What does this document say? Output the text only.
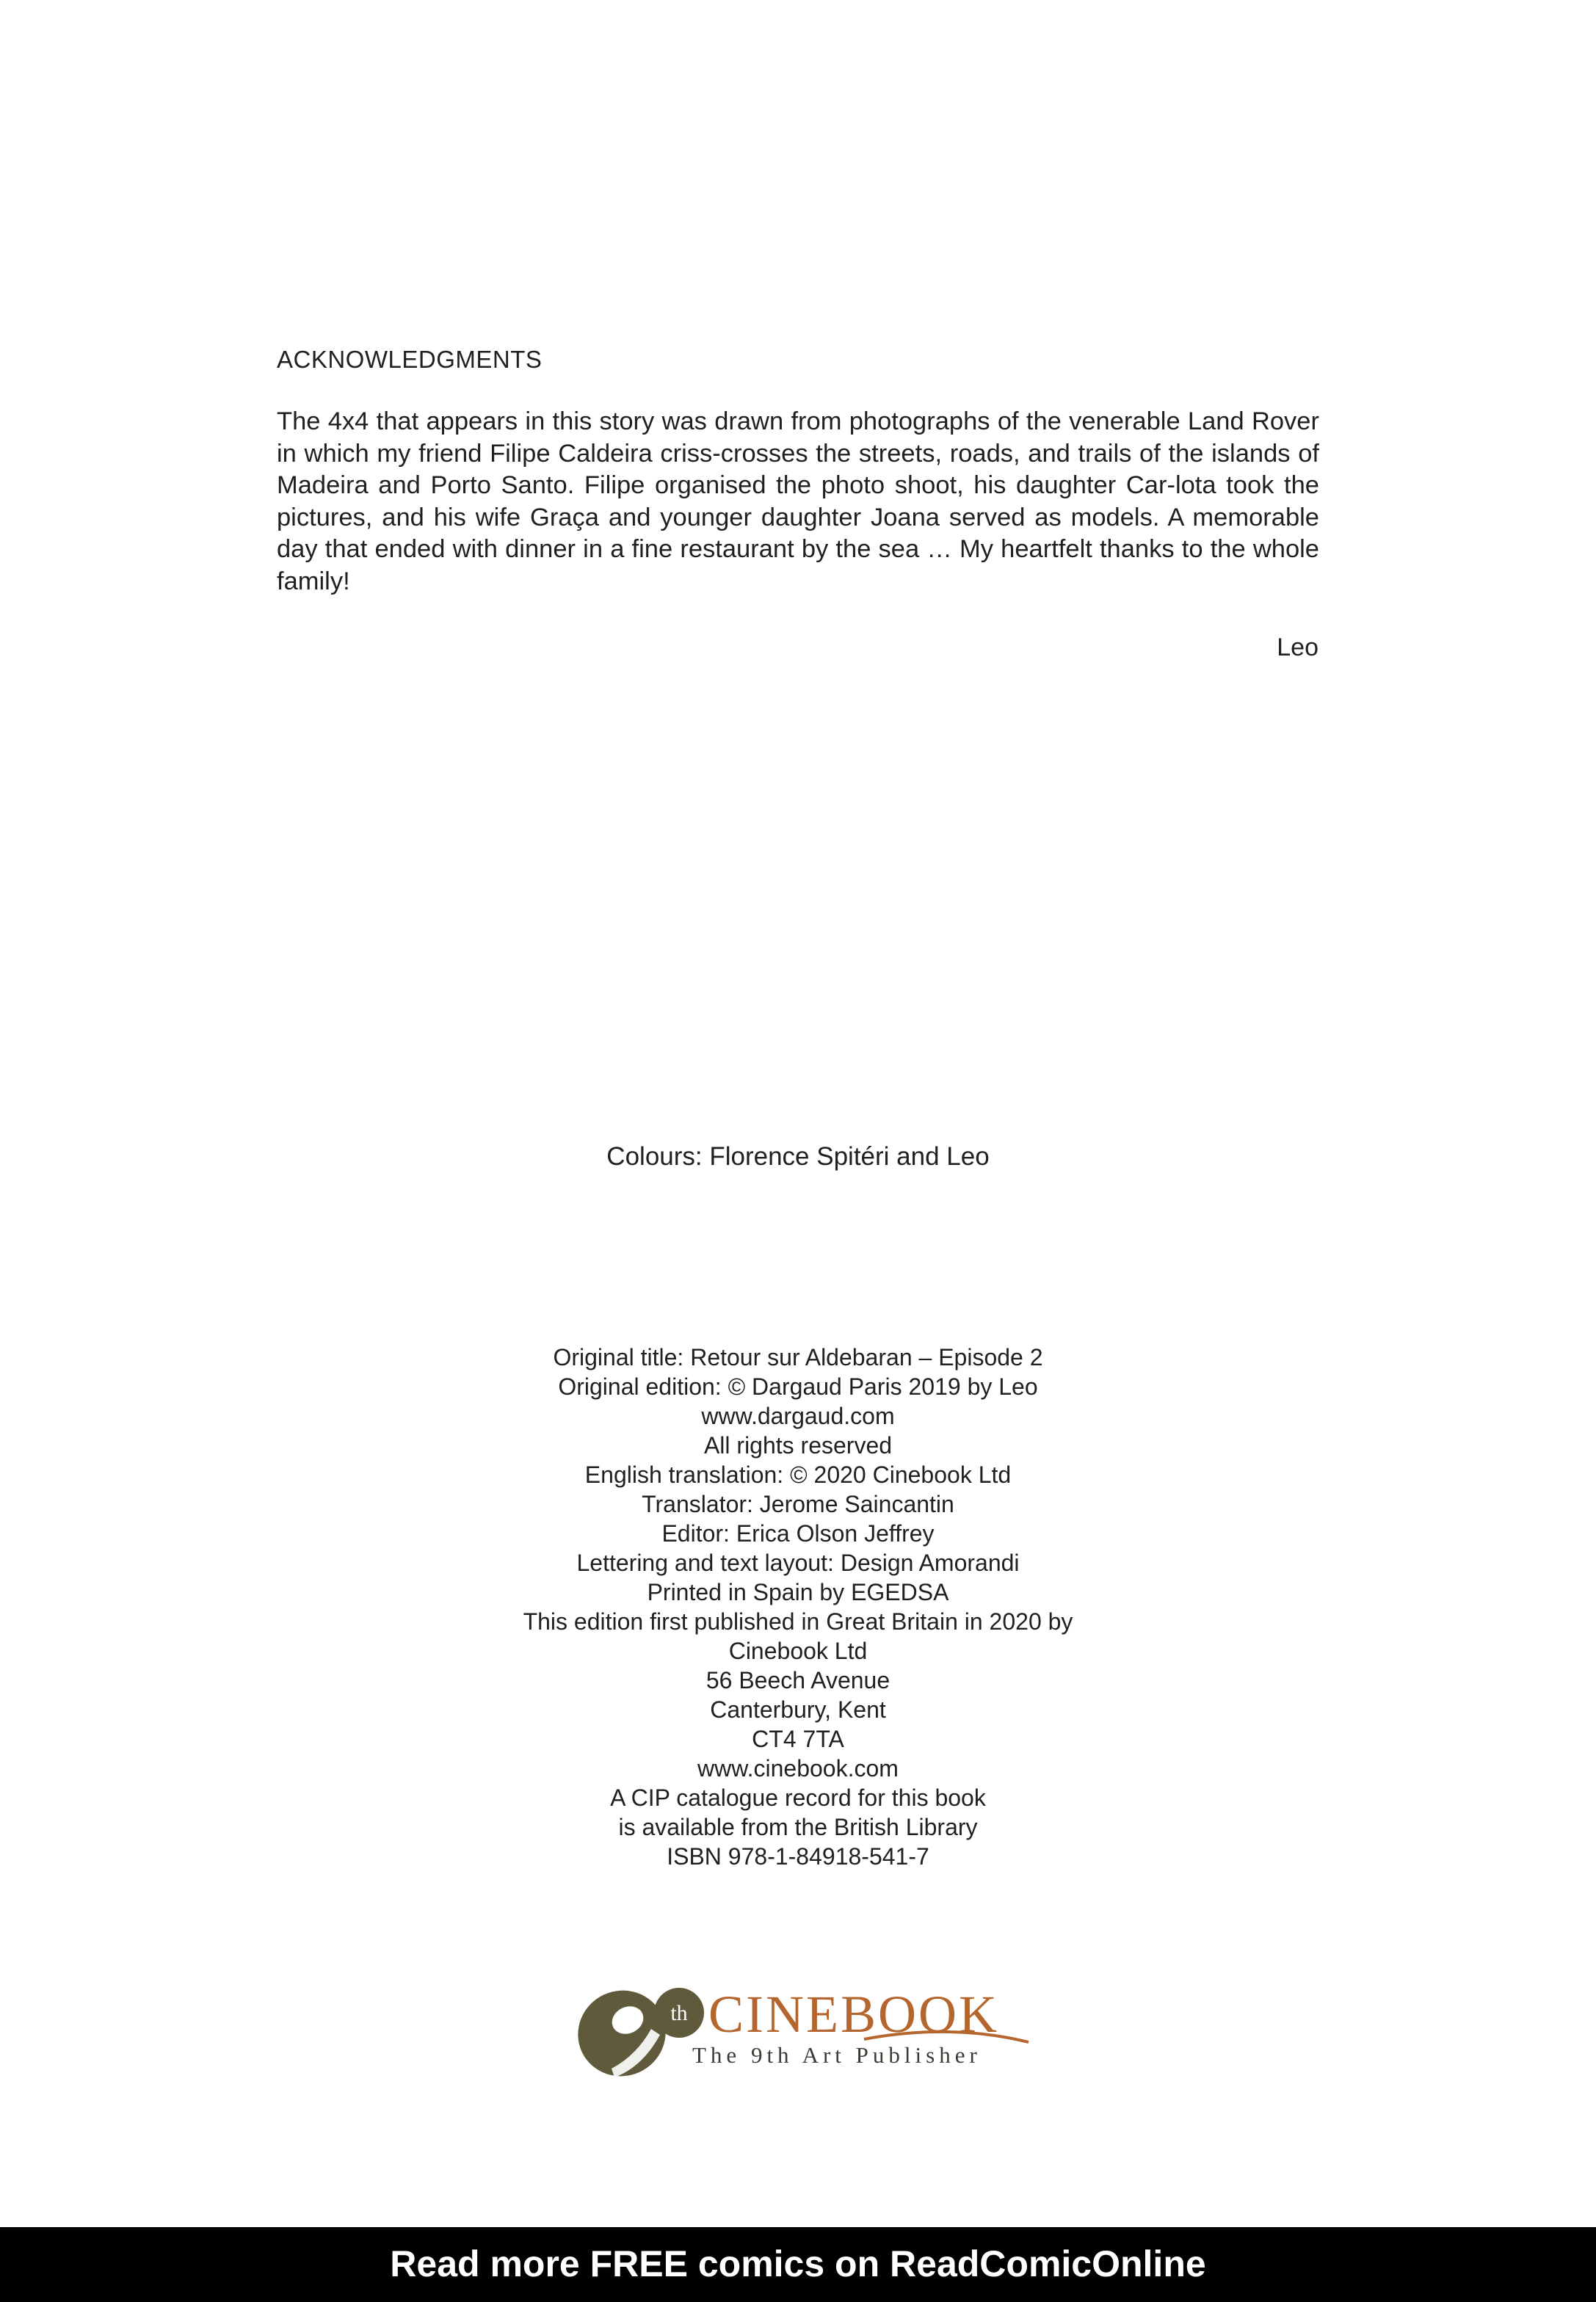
ACKNOWLEDGMENTS

The 4x4 that appears in this story was drawn from photographs of the venerable Land Rover in which my friend Filipe Caldeira criss-crosses the streets, roads, and trails of the islands of Madeira and Porto Santo. Filipe organised the photo shoot, his daughter Car-lota took the pictures, and his wife Graça and younger daughter Joana served as models. A memorable day that ended with dinner in a fine restaurant by the sea … My heartfelt thanks to the whole family!

Leo

Colours: Florence Spitéri and Leo

Original title: Retour sur Aldebaran – Episode 2
Original edition: © Dargaud Paris 2019 by Leo
www.dargaud.com
All rights reserved
English translation: © 2020 Cinebook Ltd
Translator: Jerome Saincantin
Editor: Erica Olson Jeffrey
Lettering and text layout: Design Amorandi
Printed in Spain by EGEDSA
This edition first published in Great Britain in 2020 by
Cinebook Ltd
56 Beech Avenue
Canterbury, Kent
CT4 7TA
www.cinebook.com
A CIP catalogue record for this book
is available from the British Library
ISBN 978-1-84918-541-7
th CINEBOOK
The 9th Art Publisher
Read more FREE comics on ReadComicOnline
